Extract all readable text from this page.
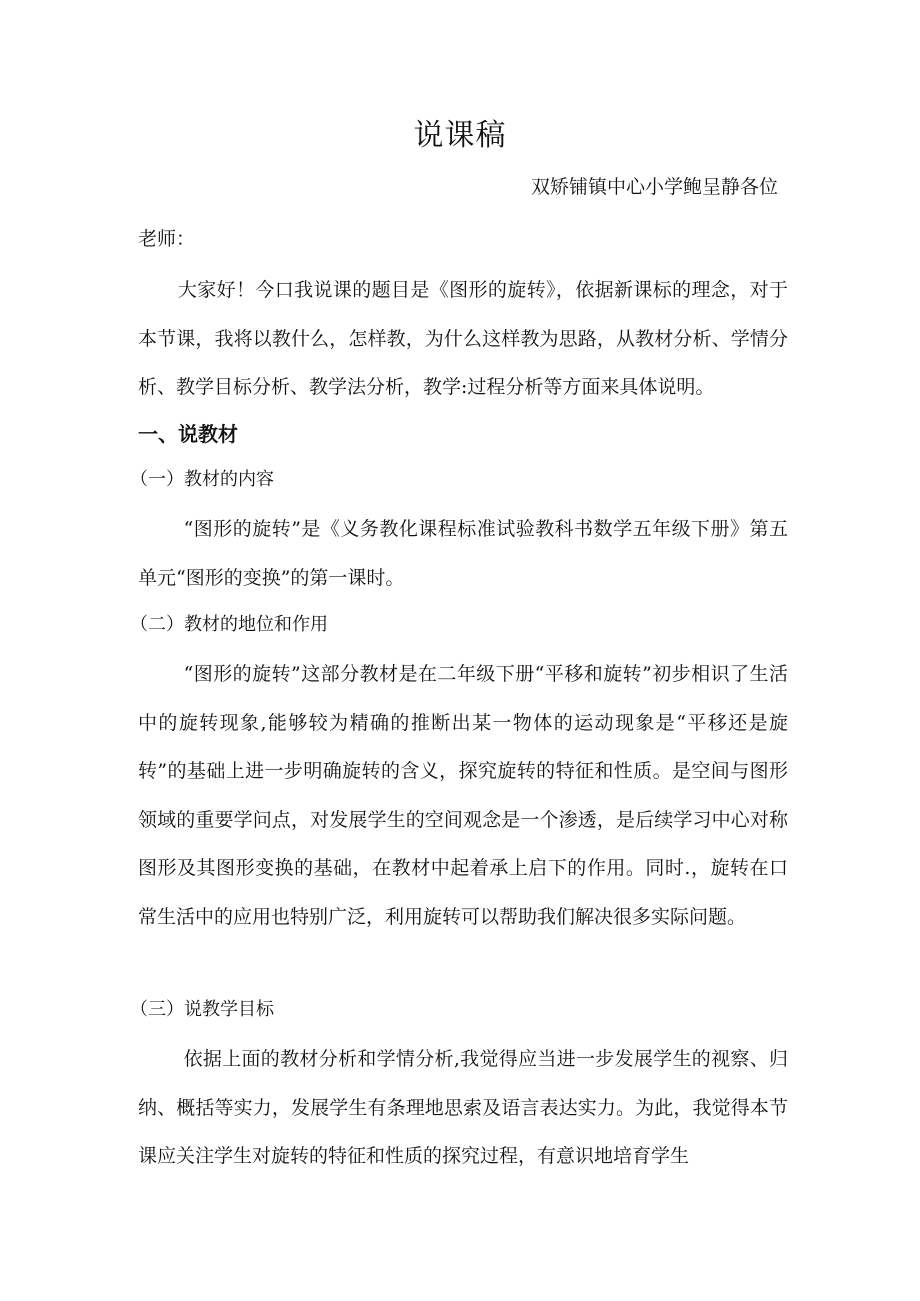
说课稿
双矫铺镇中心小学鲍呈静各位
老师：
大家好！今口我说课的题目是《图形的旋转》，依据新课标的理念，对于本节课，我将以教什么，怎样教，为什么这样教为思路，从教材分析、学情分析、教学目标分析、教学法分析，教学:过程分析等方面来具体说明。
一、说教材
（一）教材的内容
“图形的旋转”是《义务教化课程标准试验教科书数学五年级下册》第五单元“图形的变换”的第一课时。
（二）教材的地位和作用
“图形的旋转”这部分教材是在二年级下册“平移和旋转”初步相识了生活中的旋转现象,能够较为精确的推断出某一物体的运动现象是“平移还是旋转”的基础上进一步明确旋转的含义，探究旋转的特征和性质。是空间与图形领域的重要学问点，对发展学生的空间观念是一个渗透，是后续学习中心对称图形及其图形变换的基础，在教材中起着承上启下的作用。同时.，旋转在口常生活中的应用也特别广泛，利用旋转可以帮助我们解决很多实际问题。
（三）说教学目标
依据上面的教材分析和学情分析,我觉得应当进一步发展学生的视察、归纳、概括等实力，发展学生有条理地思索及语言表达实力。为此，我觉得本节课应关注学生对旋转的特征和性质的探究过程，有意识地培育学生
